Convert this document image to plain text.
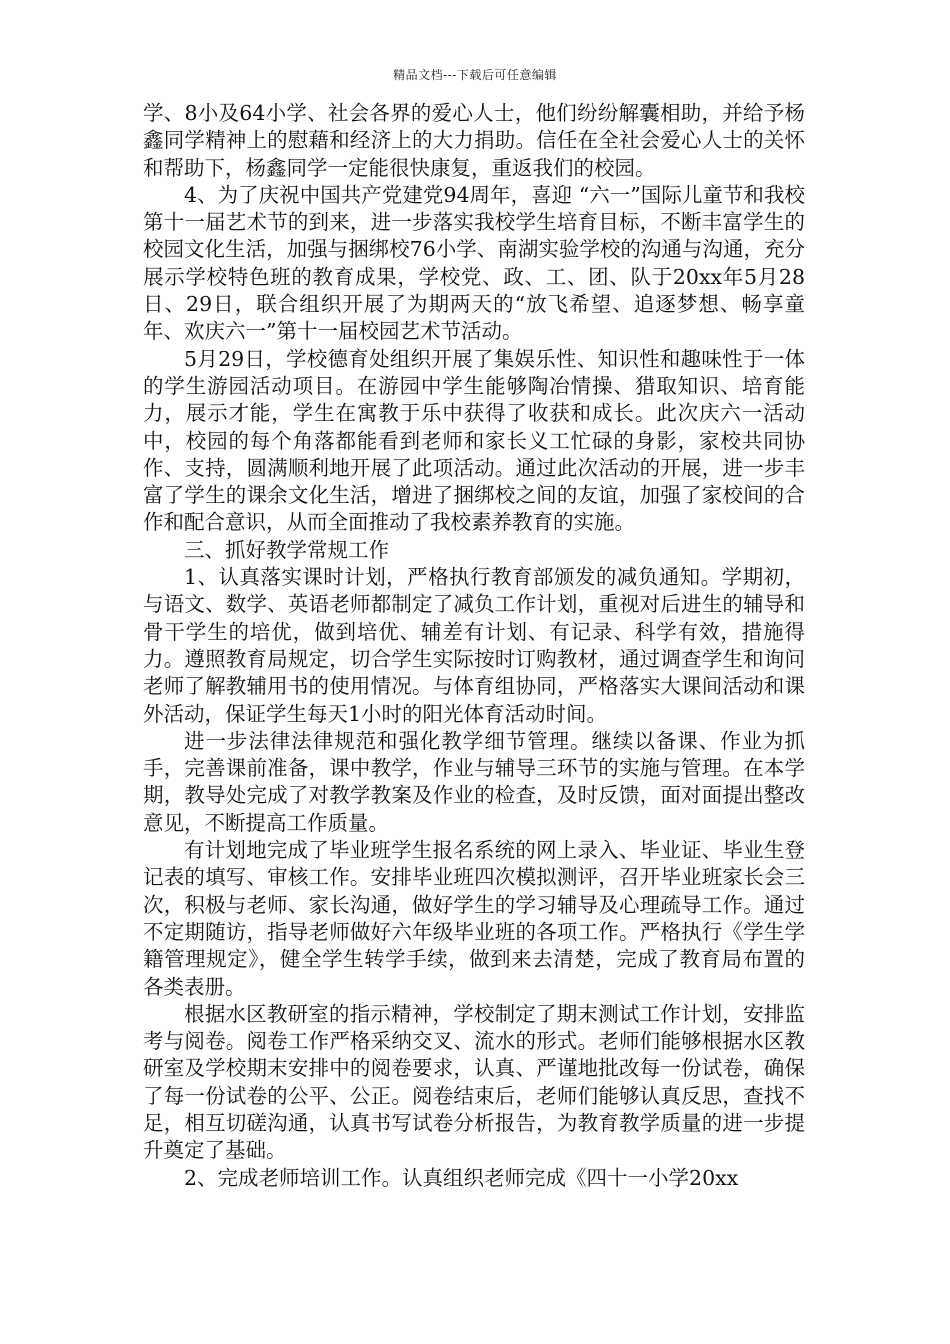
精品文档---下载后可任意编辑

学、8小及64小学、社会各界的爱心人士，他们纷纷解囊相助，并给予杨鑫同学精神上的慰藉和经济上的大力捐助。信任在全社会爱心人士的关怀和帮助下，杨鑫同学一定能很快康复，重返我们的校园。

4、为了庆祝中国共产党建党94周年，喜迎 “六一”国际儿童节和我校第十一届艺术节的到来，进一步落实我校学生培育目标，不断丰富学生的校园文化生活，加强与捆绑校76小学、南湖实验学校的沟通与沟通，充分展示学校特色班的教育成果，学校党、政、工、团、队于20xx年5月28日、29日，联合组织开展了为期两天的“放飞希望、追逐梦想、畅享童年、欢庆六一”第十一届校园艺术节活动。

5月29日，学校德育处组织开展了集娱乐性、知识性和趣味性于一体的学生游园活动项目。在游园中学生能够陶冶情操、猎取知识、培育能力，展示才能，学生在寓教于乐中获得了收获和成长。此次庆六一活动中，校园的每个角落都能看到老师和家长义工忙碌的身影，家校共同协作、支持，圆满顺利地开展了此项活动。通过此次活动的开展，进一步丰富了学生的课余文化生活，增进了捆绑校之间的友谊，加强了家校间的合作和配合意识，从而全面推动了我校素养教育的实施。

三、抓好教学常规工作

1、认真落实课时计划，严格执行教育部颁发的减负通知。学期初，与语文、数学、英语老师都制定了减负工作计划，重视对后进生的辅导和骨干学生的培优，做到培优、辅差有计划、有记录、科学有效，措施得力。遵照教育局规定，切合学生实际按时订购教材，通过调查学生和询问老师了解教辅用书的使用情况。与体育组协同，严格落实大课间活动和课外活动，保证学生每天1小时的阳光体育活动时间。

进一步法律法律规范和强化教学细节管理。继续以备课、作业为抓手，完善课前准备，课中教学，作业与辅导三环节的实施与管理。在本学期，教导处完成了对教学教案及作业的检查，及时反馈，面对面提出整改意见，不断提高工作质量。

有计划地完成了毕业班学生报名系统的网上录入、毕业证、毕业生登记表的填写、审核工作。安排毕业班四次模拟测评，召开毕业班家长会三次，积极与老师、家长沟通，做好学生的学习辅导及心理疏导工作。通过不定期随访，指导老师做好六年级毕业班的各项工作。严格执行《学生学籍管理规定》，健全学生转学手续，做到来去清楚，完成了教育局布置的各类表册。

根据水区教研室的指示精神，学校制定了期末测试工作计划，安排监考与阅卷。阅卷工作严格采纳交叉、流水的形式。老师们能够根据水区教研室及学校期末安排中的阅卷要求，认真、严谨地批改每一份试卷，确保了每一份试卷的公平、公正。阅卷结束后，老师们能够认真反思，查找不足，相互切磋沟通，认真书写试卷分析报告，为教育教学质量的进一步提升奠定了基础。

2、完成老师培训工作。认真组织老师完成《四十一小学20xx
